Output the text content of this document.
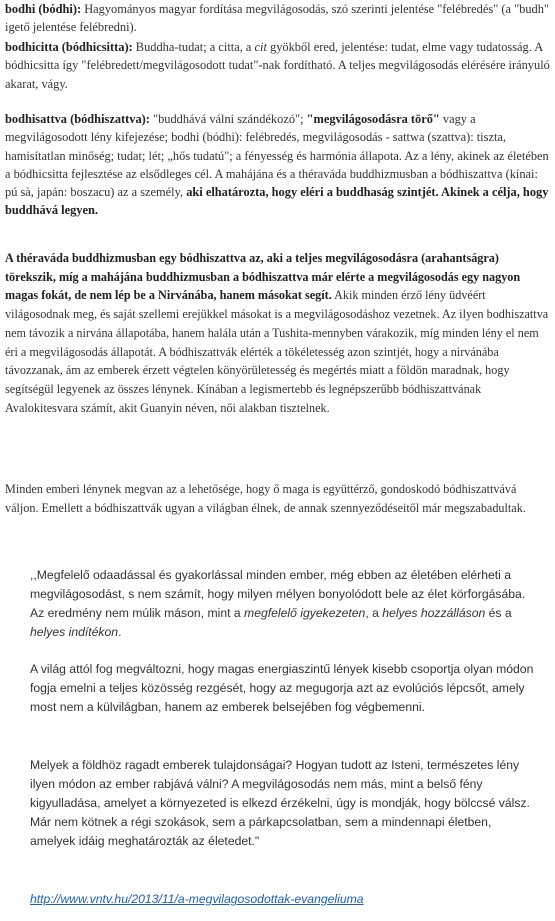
bodhi (bódhi): Hagyományos magyar fordítása megvilágosodás, szó szerinti jelentése "felébredés" (a "budh" igető jelentése felébredni).

bodhicitta (bódhicsitta): Buddha-tudat; a citta, a cit gyökből ered, jelentése: tudat, elme vagy tudatosság. A bódhicsitta így "felébredett/megvilágosodott tudat"-nak fordítható. A teljes megvilágosodás elérésére irányuló akarat, vágy.

bodhisattva (bódhiszattva): "buddhává válni szándékozó"; "megvilágosodásra törő" vagy a megvilágosodott lény kifejezése; bodhi (bódhi): felébredés, megvilágosodás - sattwa (szattva): tiszta, hamisítatlan minőség; tudat; lét; „hős tudatú"; a fényesség és harmónia állapota. Az a lény, akinek az életében a bódhicsitta fejlesztése az elsődleges cél. A mahájána és a théraváda buddhizmusban a bódhiszattva (kínai: pú sà, japán: boszacu) az a személy, aki elhatározta, hogy eléri a buddhaság szintjét. Akinek a célja, hogy buddhává legyen.

A théraváda buddhizmusban egy bódhiszattva az, aki a teljes megvilágosodásra (arahantságra) törekszik, míg a mahájána buddhizmusban a bódhiszattva már elérte a megvilágosodás egy nagyon magas fokát, de nem lép be a Nirvánába, hanem másokat segít. Akik minden érző lény üdvéért világosodnak meg, és saját szellemi erejükkel másokat is a megvilágosodáshoz vezetnek. Az ilyen bodhiszattva nem távozik a nirvána állapotába, hanem halála után a Tushita-mennyben várakozik, míg minden lény el nem éri a megvilágosodás állapotát. A bódhiszattvák elérték a tökéletesség azon szintjét, hogy a nirvánába távozzanak, ám az emberek érzett végtelen könyörületesség és megértés miatt a földön maradnak, hogy segítségül legyenek az összes lénynek. Kínában a legismertebb és legnépszerűbb bódhiszattvának Avalokitesvara számít, akit Guanyin néven, női alakban tisztelnek.

Minden emberi lénynek megvan az a lehetősége, hogy ő maga is együttérző, gondoskodó bódhiszattvává váljon. Emellett a bódhiszattvák ugyan a világban élnek, de annak szennyeződéseitől már megszabadultak.

,,Megfelelő odaadással és gyakorlással minden ember, még ebben az életében elérheti a megvilágosodást, s nem számít, hogy milyen mélyen bonyolódott bele az élet körforgásába. Az eredmény nem múlik máson, mint a megfelelő igyekezeten, a helyes hozzálláson és a helyes indítékon.

A világ attól fog megváltozni, hogy magas energiaszintű lények kisebb csoportja olyan módon fogja emelni a teljes közösség rezgését, hogy az megugorja azt az evolúciós lépcsőt, amely most nem a külvilágban, hanem az emberek belsejében fog végbemenni.

Melyek a földhöz ragadt emberek tulajdonságai? Hogyan tudott az Isteni, természetes lény ilyen módon az ember rabjává válni? A megvilágosodás nem más, mint a belső fény kigyulladása, amelyet a környezeted is elkezd érzékelni, úgy is mondják, hogy bölccsé válsz. Már nem kötnek a régi szokások, sem a párkapcsolatban, sem a mindennapi életben, amelyek idáig meghatározták az életedet."

http://www.vntv.hu/2013/11/a-megvilagosodottak-evangeliuma
